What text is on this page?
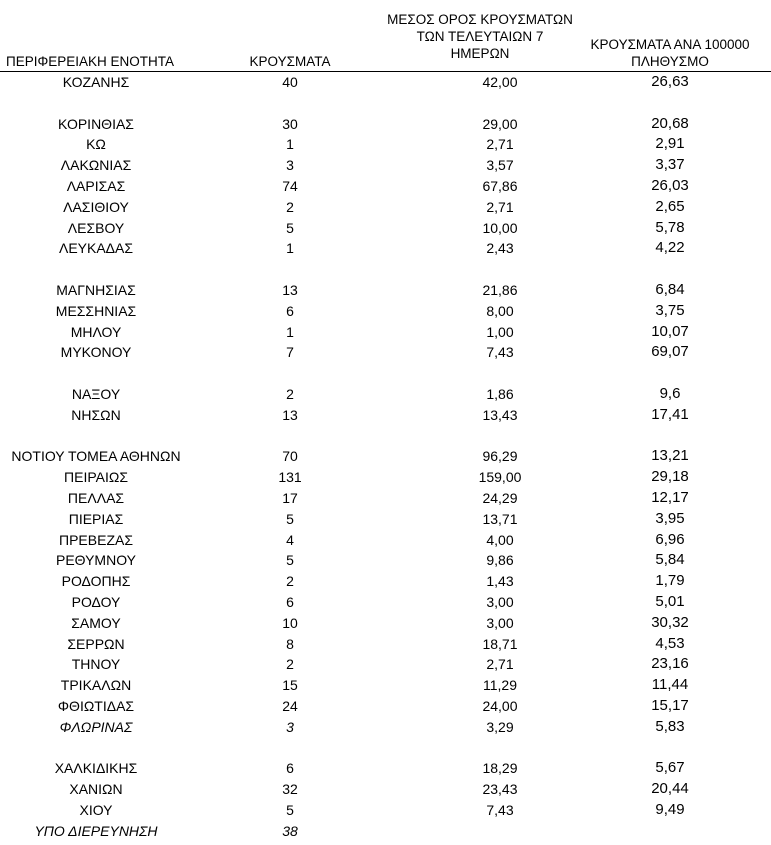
ΠΕΡΙΦΕΡΕΙΑΚΗ ΕΝΟΤΗΤΑ	ΚΡΟΥΣΜΑΤΑ
ΜΕΣΟΣ ΟΡΟΣ ΚΡΟΥΣΜΑΤΩΝ
ΤΩΝ ΤΕΛΕΥΤΑΙΩΝ 7
ΗΜΕΡΩΝ
ΚΡΟΥΣΜΑΤΑ ΑΝΑ 100000
ΠΛΗΘΥΣΜΟ
ΚΟΖΑΝΗΣ	40	42,00	26,63
ΚΟΡΙΝΘΙΑΣ	30	29,00	20,68
ΚΩ	1	2,71	2,91
ΛΑΚΩΝΙΑΣ	3	3,57	3,37
ΛΑΡΙΣΑΣ	74	67,86	26,03
ΛΑΣΙΘΙΟΥ	2	2,71	2,65
ΛΕΣΒΟΥ	5	10,00	5,78
ΛΕΥΚΑΔΑΣ	1	2,43	4,22
ΜΑΓΝΗΣΙΑΣ	13	21,86	6,84
ΜΕΣΣΗΝΙΑΣ	6	8,00	3,75
ΜΗΛΟΥ	1	1,00	10,07
ΜΥΚΟΝΟΥ	7	7,43	69,07
ΝΑΞΟΥ	2	1,86	9,6
ΝΗΣΩΝ	13	13,43	17,41
ΝΟΤΙΟΥ ΤΟΜΕΑ ΑΘΗΝΩΝ	70	96,29	13,21
ΠΕΙΡΑΙΩΣ	131	159,00	29,18
ΠΕΛΛΑΣ	17	24,29	12,17
ΠΙΕΡΙΑΣ	5	13,71	3,95
ΠΡΕΒΕΖΑΣ	4	4,00	6,96
ΡΕΘΥΜΝΟΥ	5	9,86	5,84
ΡΟΔΟΠΗΣ	2	1,43	1,79
ΡΟΔΟΥ	6	3,00	5,01
ΣΑΜΟΥ	10	3,00	30,32
ΣΕΡΡΩΝ	8	18,71	4,53
ΤΗΝΟΥ	2	2,71	23,16
ΤΡΙΚΑΛΩΝ	15	11,29	11,44
ΦΘΙΩΤΙΔΑΣ	24	24,00	15,17
ΦΛΩΡΙΝΑΣ	3	3,29	5,83
ΧΑΛΚΙΔΙΚΗΣ	6	18,29	5,67
ΧΑΝΙΩΝ	32	23,43	20,44
ΧΙΟΥ	5	7,43	9,49
ΥΠΟ ΔΙΕΡΕΥΝΗΣΗ	38
